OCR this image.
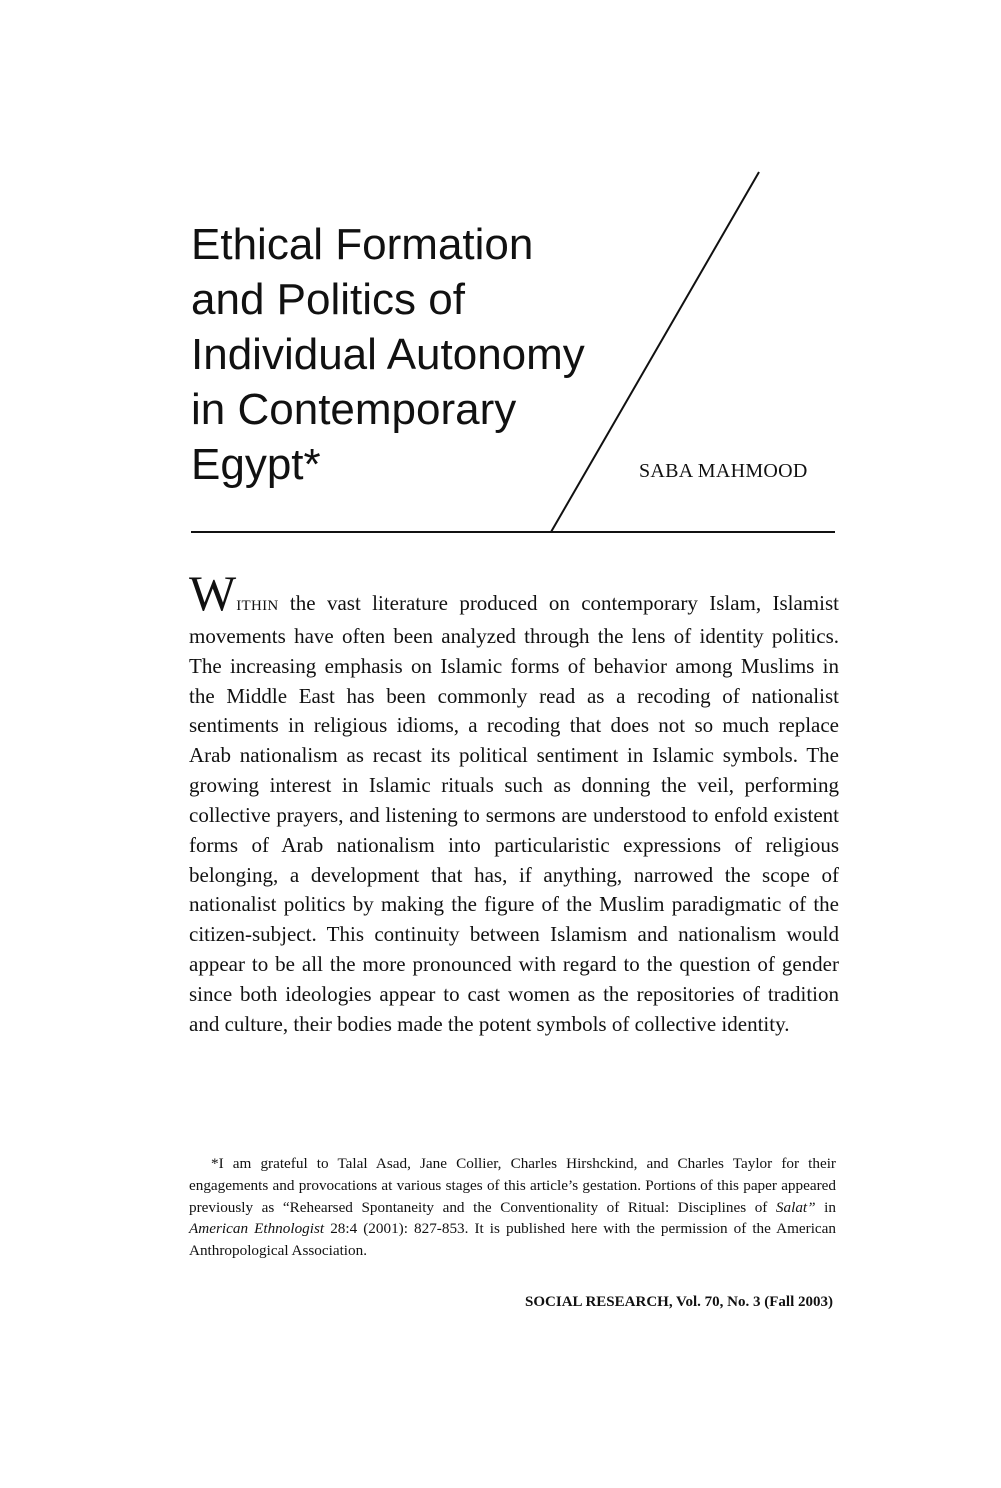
Ethical Formation
and Politics of
Individual Autonomy
in Contemporary
Egypt*	SABA MAHMOOD

WITHIN the vast literature produced on contemporary Islam, Islamist movements have often been analyzed through the lens of identity politics. The increasing emphasis on Islamic forms of behavior among Muslims in the Middle East has been commonly read as a recoding of nationalist sentiments in religious idioms, a recoding that does not so much replace Arab nationalism as recast its political sentiment in Islamic symbols. The growing interest in Islamic rituals such as donning the veil, performing collective prayers, and listening to sermons are understood to enfold existent forms of Arab nationalism into particularistic expressions of religious belonging, a development that has, if anything, narrowed the scope of nationalist politics by making the figure of the Muslim paradigmatic of the citizen-subject. This continuity between Islamism and nationalism would appear to be all the more pronounced with regard to the question of gender since both ideologies appear to cast women as the repositories of tradition and culture, their bodies made the potent symbols of collective identity.

*I am grateful to Talal Asad, Jane Collier, Charles Hirshckind, and Charles Taylor for their engagements and provocations at various stages of this article’s gestation. Portions of this paper appeared previously as “Rehearsed Spontaneity and the Conventionality of Ritual: Disciplines of Salat” in American Ethnologist 28:4 (2001): 827-853. It is published here with the permission of the American Anthropological Association.

SOCIAL RESEARCH, Vol. 70, No. 3 (Fall 2003)
